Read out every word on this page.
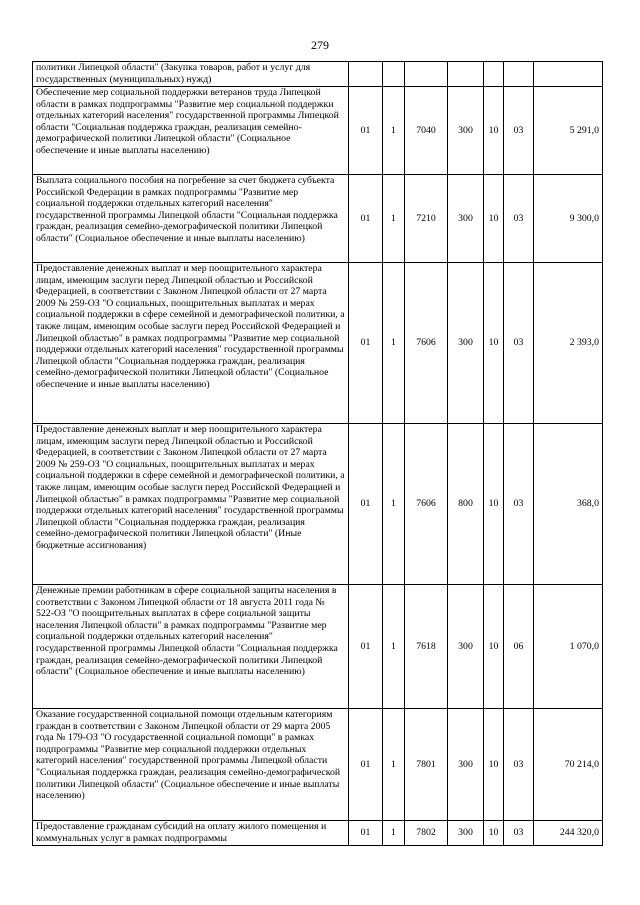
279
политики Липецкой области" (Закупка товаров, работ и услуг для государственных (муниципальных) нужд)							
Обеспечение мер социальной поддержки ветеранов труда Липецкой области в рамках подпрограммы "Развитие мер социальной поддержки отдельных категорий населения" государственной программы Липецкой области "Социальная поддержка граждан, реализация семейно-демографической политики Липецкой области" (Социальное обеспечение и иные выплаты населению)	01	1	7040	300	10	03	5 291,0
Выплата социального пособия на погребение за счет бюджета субъекта Российской Федерации в рамках подпрограммы "Развитие мер социальной поддержки отдельных категорий населения" государственной программы Липецкой области "Социальная поддержка граждан, реализация семейно-демографической политики Липецкой области" (Социальное обеспечение и иные выплаты населению)	01	1	7210	300	10	03	9 300,0
Предоставление денежных выплат и мер поощрительного характера лицам, имеющим заслуги перед Липецкой областью и Российской Федерацией, в соответствии с Законом Липецкой области от 27 марта 2009 № 259-ОЗ "О социальных, поощрительных выплатах и мерах социальной поддержки в сфере семейной и демографической политики, а также лицам, имеющим особые заслуги перед Российской Федерацией и Липецкой областью" в рамках подпрограммы "Развитие мер социальной поддержки отдельных категорий населения" государственной программы Липецкой области "Социальная поддержка граждан, реализация семейно-демографической политики Липецкой области" (Социальное обеспечение и иные выплаты населению)	01	1	7606	300	10	03	2 393,0
Предоставление денежных выплат и мер поощрительного характера лицам, имеющим заслуги перед Липецкой областью и Российской Федерацией, в соответствии с Законом Липецкой области от 27 марта 2009 № 259-ОЗ "О социальных, поощрительных выплатах и мерах социальной поддержки в сфере семейной и демографической политики, а также лицам, имеющим особые заслуги перед Российской Федерацией и Липецкой областью" в рамках подпрограммы "Развитие мер социальной поддержки отдельных категорий населения" государственной программы Липецкой области "Социальная поддержка граждан, реализация семейно-демографической политики Липецкой области" (Иные бюджетные ассигнования)	01	1	7606	800	10	03	368,0
Денежные премии работникам в сфере социальной защиты населения в соответствии с Законом Липецкой области от 18 августа 2011 года № 522-ОЗ "О поощрительных выплатах в сфере социальной защиты населения Липецкой области" в рамках подпрограммы "Развитие мер социальной поддержки отдельных категорий населения" государственной программы Липецкой области "Социальная поддержка граждан, реализация семейно-демографической политики Липецкой области" (Социальное обеспечение и иные выплаты населению)	01	1	7618	300	10	06	1 070,0
Оказание государственной социальной помощи отдельным категориям граждан в соответствии с Законом Липецкой области от 29 марта 2005 года № 179-ОЗ "О государственной социальной помощи" в рамках подпрограммы "Развитие мер социальной поддержки отдельных категорий населения" государственной программы Липецкой области "Социальная поддержка граждан, реализация семейно-демографической политики Липецкой области" (Социальное обеспечение и иные выплаты населению)	01	1	7801	300	10	03	70 214,0
Предоставление гражданам субсидий на оплату жилого помещения и коммунальных услуг в рамках подпрограммы	01	1	7802	300	10	03	244 320,0
